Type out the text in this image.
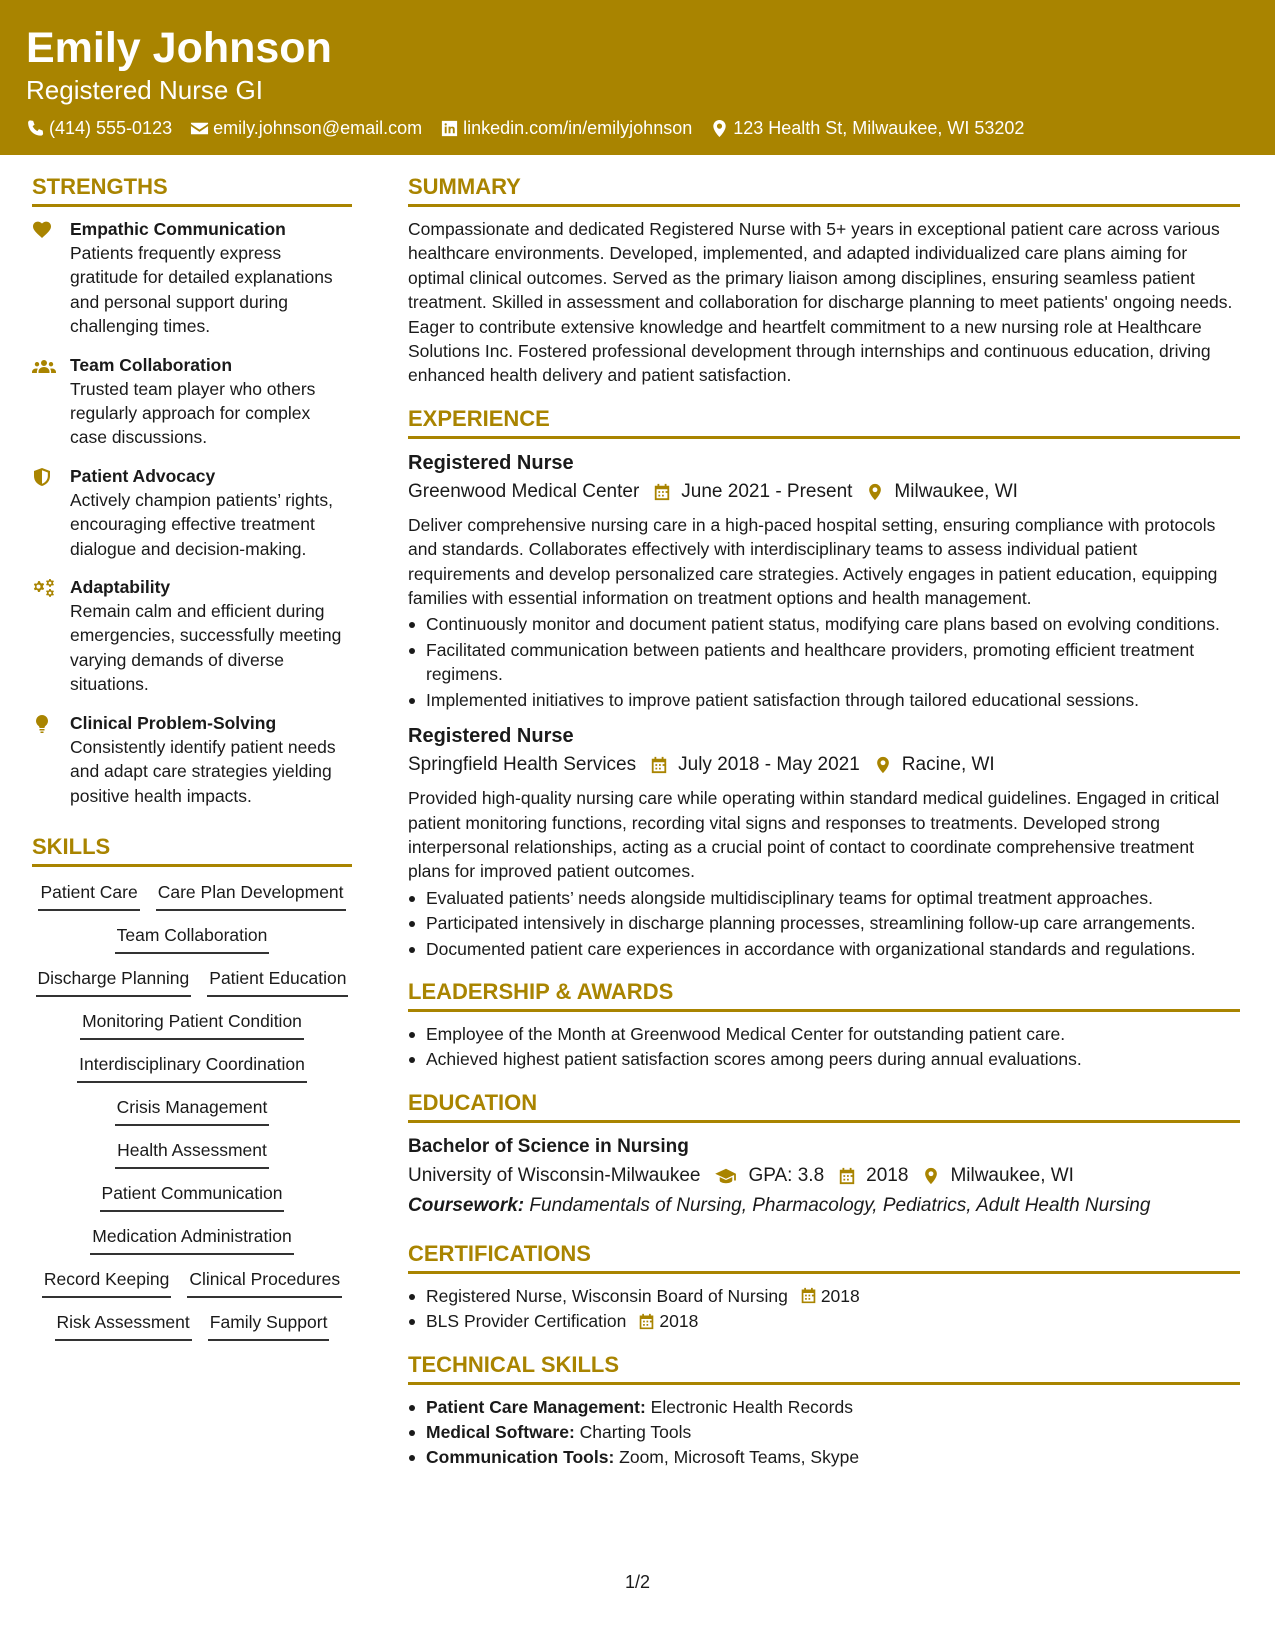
Emily Johnson
Registered Nurse GI
(414) 555-0123 emily.johnson@email.com linkedin.com/in/emilyjohnson 123 Health St, Milwaukee, WI 53202
STRENGTHS
Empathic Communication
Patients frequently express gratitude for detailed explanations and personal support during challenging times.
Team Collaboration
Trusted team player who others regularly approach for complex case discussions.
Patient Advocacy
Actively champion patients’ rights, encouraging effective treatment dialogue and decision-making.
Adaptability
Remain calm and efficient during emergencies, successfully meeting varying demands of diverse situations.
Clinical Problem-Solving
Consistently identify patient needs and adapt care strategies yielding positive health impacts.
SKILLS
Patient Care Care Plan Development
Team Collaboration
Discharge Planning Patient Education
Monitoring Patient Condition
Interdisciplinary Coordination
Crisis Management
Health Assessment
Patient Communication
Medication Administration
Record Keeping Clinical Procedures
Risk Assessment Family Support
SUMMARY
Compassionate and dedicated Registered Nurse with 5+ years in exceptional patient care across various healthcare environments. Developed, implemented, and adapted individualized care plans aiming for optimal clinical outcomes. Served as the primary liaison among disciplines, ensuring seamless patient treatment. Skilled in assessment and collaboration for discharge planning to meet patients' ongoing needs. Eager to contribute extensive knowledge and heartfelt commitment to a new nursing role at Healthcare Solutions Inc. Fostered professional development through internships and continuous education, driving enhanced health delivery and patient satisfaction.
EXPERIENCE
Registered Nurse
Greenwood Medical Center June 2021 - Present Milwaukee, WI
Deliver comprehensive nursing care in a high-paced hospital setting, ensuring compliance with protocols and standards. Collaborates effectively with interdisciplinary teams to assess individual patient requirements and develop personalized care strategies. Actively engages in patient education, equipping families with essential information on treatment options and health management.
Continuously monitor and document patient status, modifying care plans based on evolving conditions.
Facilitated communication between patients and healthcare providers, promoting efficient treatment regimens.
Implemented initiatives to improve patient satisfaction through tailored educational sessions.
Registered Nurse
Springfield Health Services July 2018 - May 2021 Racine, WI
Provided high-quality nursing care while operating within standard medical guidelines. Engaged in critical patient monitoring functions, recording vital signs and responses to treatments. Developed strong interpersonal relationships, acting as a crucial point of contact to coordinate comprehensive treatment plans for improved patient outcomes.
Evaluated patients’ needs alongside multidisciplinary teams for optimal treatment approaches.
Participated intensively in discharge planning processes, streamlining follow-up care arrangements.
Documented patient care experiences in accordance with organizational standards and regulations.
LEADERSHIP & AWARDS
Employee of the Month at Greenwood Medical Center for outstanding patient care.
Achieved highest patient satisfaction scores among peers during annual evaluations.
EDUCATION
Bachelor of Science in Nursing
University of Wisconsin-Milwaukee	GPA: 3.8 2018 Milwaukee, WI
Coursework: Fundamentals of Nursing, Pharmacology, Pediatrics, Adult Health Nursing
CERTIFICATIONS
Registered Nurse, Wisconsin Board of Nursing 2018
BLS Provider Certification 2018
TECHNICAL SKILLS
Patient Care Management: Electronic Health Records
Medical Software: Charting Tools
Communication Tools: Zoom, Microsoft Teams, Skype
1/2
